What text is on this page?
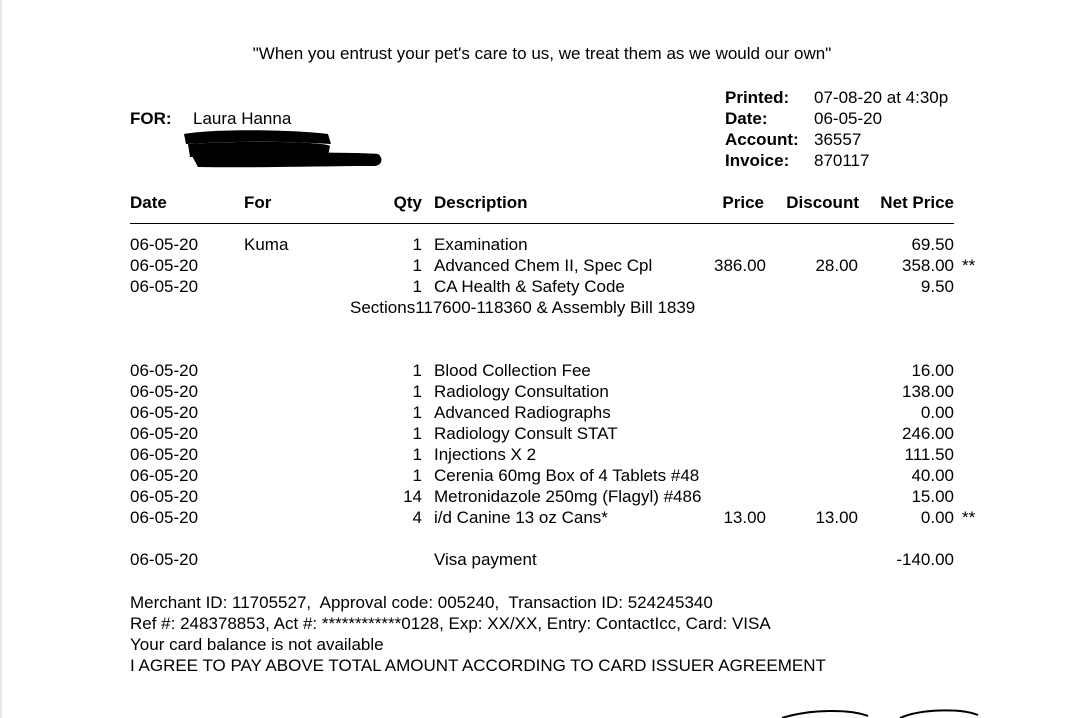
"When you entrust your pet's care to us, we treat them as we would our own"
FOR: Laura Hanna
Printed: 07-08-20 at 4:30p
Date:	06-05-20
Account: 36557
Invoice: 870117
Date	For	Qty Description	Price	Discount	Net Price
06-05-20	Kuma	1 Examination	69.50
06-05-20	1 Advanced Chem II, Spec Cpl	386.00	28.00	358.00 **
06-05-20	1 CA Health & Safety Code	9.50
Sections117600-118360 & Assembly Bill 1839
06-05-20	1 Blood Collection Fee	16.00
06-05-20	1 Radiology Consultation	138.00
06-05-20	1 Advanced Radiographs	0.00
06-05-20	1 Radiology Consult STAT	246.00
06-05-20	1 Injections X 2	111.50
06-05-20	1 Cerenia 60mg Box of 4 Tablets #48	40.00
06-05-20	14 Metronidazole 250mg (Flagyl) #486	15.00
06-05-20	4 i/d Canine 13 oz Cans*	13.00	13.00	0.00 **
06-05-20	Visa payment	-140.00
Merchant ID: 11705527,  Approval code: 005240,  Transaction ID: 524245340
Ref #: 248378853, Act #: ************0128, Exp: XX/XX, Entry: ContactIcc, Card: VISA
Your card balance is not available
I AGREE TO PAY ABOVE TOTAL AMOUNT ACCORDING TO CARD ISSUER AGREEMENT
